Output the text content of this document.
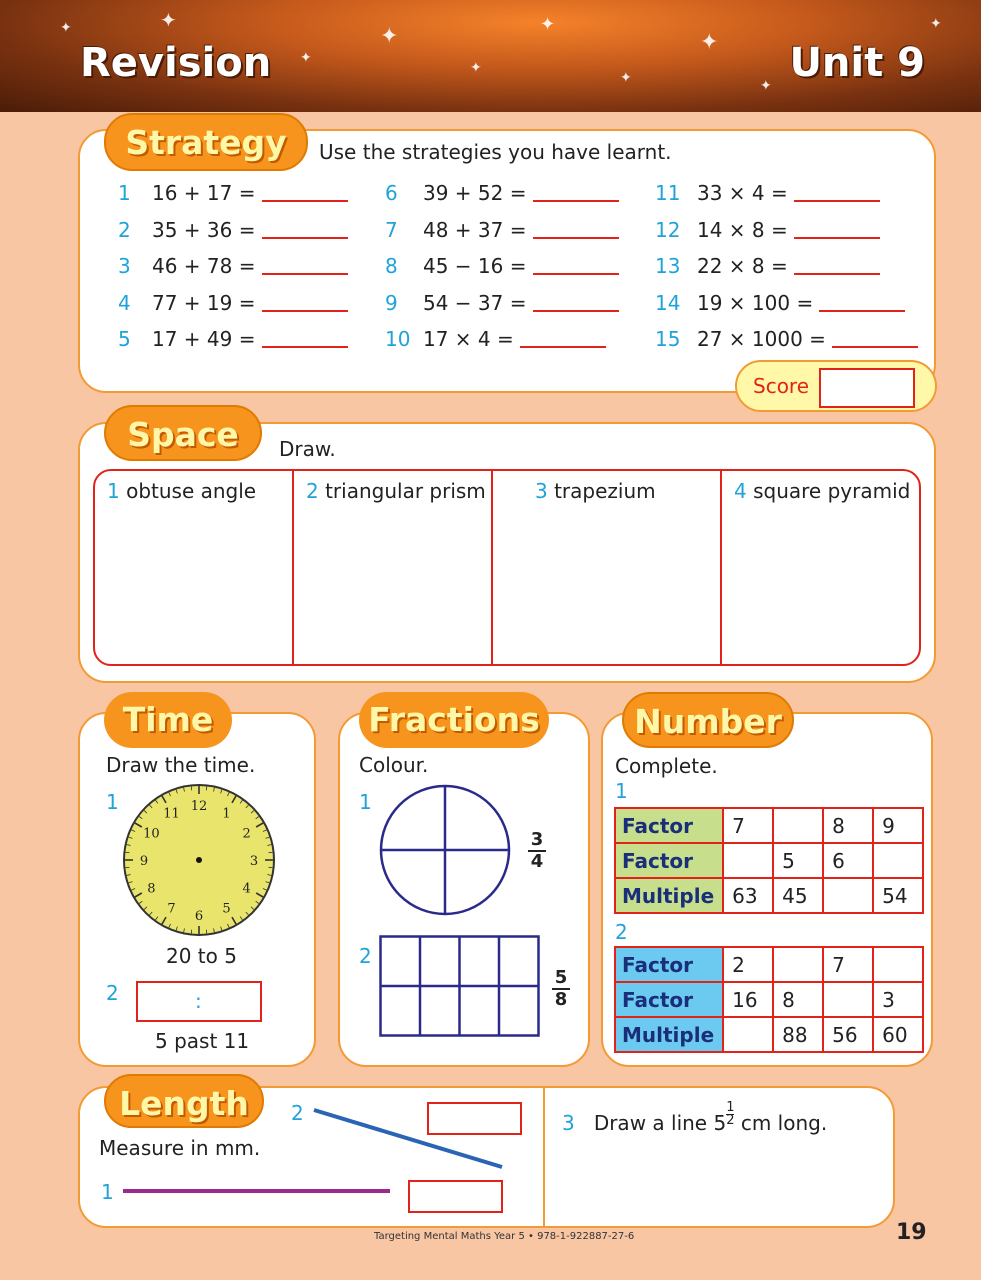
✦	✦
✦
✦
✦
✦
✦
✦
✦
✦
Revision	Unit 9
Strategy	Use the strategies you have learnt.
1 16 + 17 =
2 35 + 36 =
3 46 + 78 =
4 77 + 19 =
5 17 + 49 =
6 39 + 52 =
7 48 + 37 =
8 45 − 16 =
9 54 − 37 =
10 17 × 4 =
11 33 × 4 =
12 14 × 8 =
13 22 × 8 =
14 19 × 100 =
15 27 × 1000 =
Score
Space	Draw.
1 obtuse angle	2 triangular prism	3 trapezium	4 square pyramid
Time
Draw the time.
1	12 1
2
3
4
5
6
7
8
9
10
11
20 to 5
2	:
5 past 11
Fractions
Colour.
1
$\frac{3}{4}$
2
$\frac{5}{8}$
Number
Complete.
1
Factor	7		8	9
Factor		5	6	
Multiple	63	45		54
2
Factor	2		7	
Factor	16	8		3
Multiple		88	56	60
Length
Measure in mm.
1
2	3 Draw a line $5 \frac{1}{2}$ cm long.
Targeting Mental Maths Year 5 • 978-1-922887-27-6	19
